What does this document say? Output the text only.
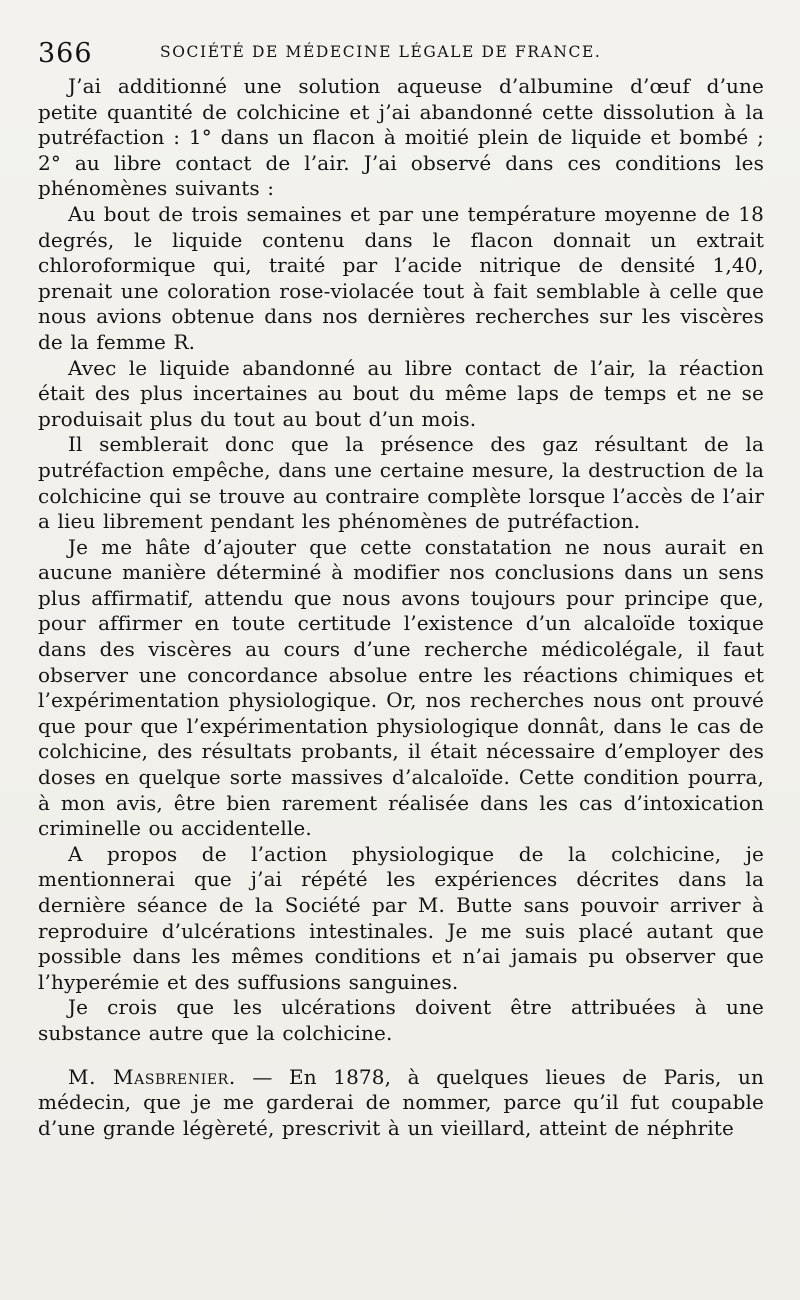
366	SOCIÉTÉ DE MÉDECINE LÉGALE DE FRANCE.

J’ai additionné une solution aqueuse d’albumine d’œuf d’une petite quantité de colchicine et j’ai abandonné cette dissolution à la putréfaction : 1° dans un flacon à moitié plein de liquide et bombé ; 2° au libre contact de l’air. J’ai observé dans ces conditions les phénomènes suivants :

Au bout de trois semaines et par une température moyenne de 18 degrés, le liquide contenu dans le flacon donnait un extrait chloroformique qui, traité par l’acide nitrique de densité 1,40, prenait une coloration rose-violacée tout à fait semblable à celle que nous avions obtenue dans nos dernières recherches sur les viscères de la femme R.

Avec le liquide abandonné au libre contact de l’air, la réaction était des plus incertaines au bout du même laps de temps et ne se produisait plus du tout au bout d’un mois.

Il semblerait donc que la présence des gaz résultant de la putréfaction empêche, dans une certaine mesure, la destruction de la colchicine qui se trouve au contraire complète lorsque l’accès de l’air a lieu librement pendant les phénomènes de putréfaction.

Je me hâte d’ajouter que cette constatation ne nous aurait en aucune manière déterminé à modifier nos conclusions dans un sens plus affirmatif, attendu que nous avons toujours pour principe que, pour affirmer en toute certitude l’existence d’un alcaloïde toxique dans des viscères au cours d’une recherche médicolégale, il faut observer une concordance absolue entre les réactions chimiques et l’expérimentation physiologique. Or, nos recherches nous ont prouvé que pour que l’expérimentation physiologique donnât, dans le cas de colchicine, des résultats probants, il était nécessaire d’employer des doses en quelque sorte massives d’alcaloïde. Cette condition pourra, à mon avis, être bien rarement réalisée dans les cas d’intoxication criminelle ou accidentelle.

A propos de l’action physiologique de la colchicine, je mentionnerai que j’ai répété les expériences décrites dans la dernière séance de la Société par M. Butte sans pouvoir arriver à reproduire d’ulcérations intestinales. Je me suis placé autant que possible dans les mêmes conditions et n’ai jamais pu observer que l’hyperémie et des suffusions sanguines.

Je crois que les ulcérations doivent être attribuées à une substance autre que la colchicine.

M. Masbrenier. — En 1878, à quelques lieues de Paris, un médecin, que je me garderai de nommer, parce qu’il fut coupable d’une grande légèreté, prescrivit à un vieillard, atteint de néphrite
